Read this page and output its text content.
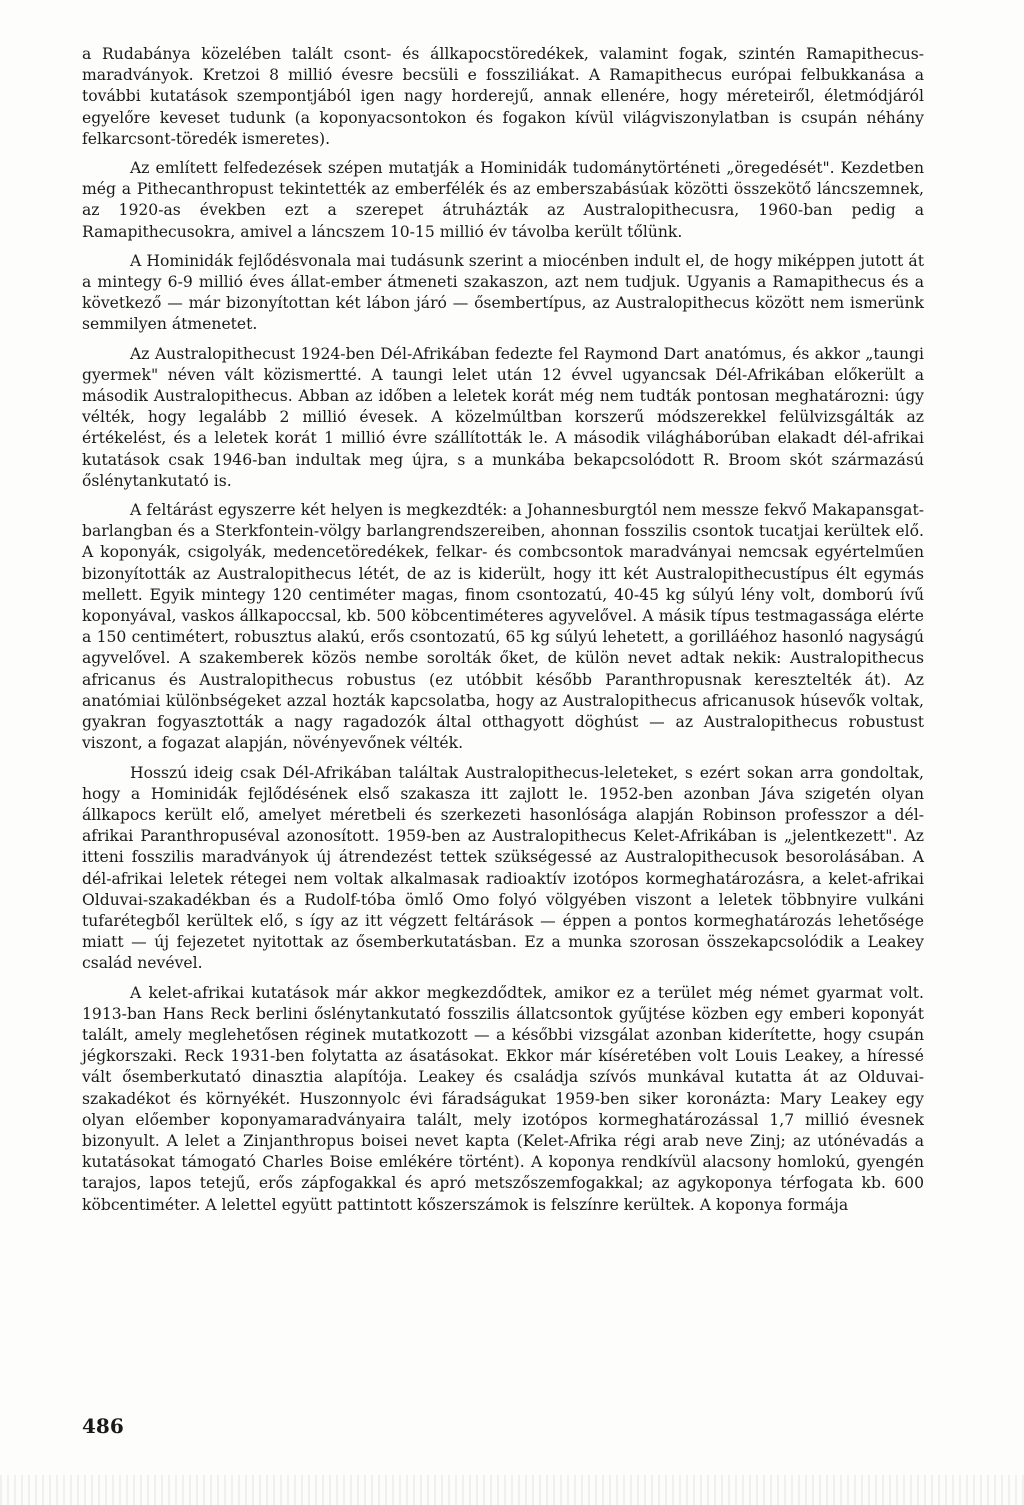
a Rudabánya közelében talált csont- és állkapocstöredékek, valamint fogak, szintén Ramapithecus-maradványok. Kretzoi 8 millió évesre becsüli e fossziliákat. A Ramapithecus európai felbukkanása a további kutatások szempontjából igen nagy horderejű, annak ellenére, hogy méreteiről, életmódjáról egyelőre keveset tudunk (a koponyacsontokon és fogakon kívül világviszonylatban is csupán néhány felkarcsont-töredék ismeretes).

Az említett felfedezések szépen mutatják a Hominidák tudománytörténeti „öregedését". Kezdetben még a Pithecanthropust tekintették az emberfélék és az emberszabásúak közötti összekötő láncszemnek, az 1920-as években ezt a szerepet átruházták az Australopithecusra, 1960-ban pedig a Ramapithecusokra, amivel a láncszem 10-15 millió év távolba került tőlünk.

A Hominidák fejlődésvonala mai tudásunk szerint a miocénben indult el, de hogy miképpen jutott át a mintegy 6-9 millió éves állat-ember átmeneti szakaszon, azt nem tudjuk. Ugyanis a Ramapithecus és a következő — már bizonyítottan két lábon járó — ősembertípus, az Australopithecus között nem ismerünk semmilyen átmenetet.

Az Australopithecust 1924-ben Dél-Afrikában fedezte fel Raymond Dart anatómus, és akkor „taungi gyermek" néven vált közismertté. A taungi lelet után 12 évvel ugyancsak Dél-Afrikában előkerült a második Australopithecus. Abban az időben a leletek korát még nem tudták pontosan meghatározni: úgy vélték, hogy legalább 2 millió évesek. A közelmúltban korszerű módszerekkel felülvizsgálták az értékelést, és a leletek korát 1 millió évre szállították le. A második világháborúban elakadt dél-afrikai kutatások csak 1946-ban indultak meg újra, s a munkába bekapcsolódott R. Broom skót származású őslénytankutató is.

A feltárást egyszerre két helyen is megkezdték: a Johannesburgtól nem messze fekvő Makapansgat-barlangban és a Sterkfontein-völgy barlangrendszereiben, ahonnan fosszilis csontok tucatjai kerültek elő. A koponyák, csigolyák, medencetöredékek, felkar- és combcsontok maradványai nemcsak egyértelműen bizonyították az Australopithecus létét, de az is kiderült, hogy itt két Australopithecustípus élt egymás mellett. Egyik mintegy 120 centiméter magas, finom csontozatú, 40-45 kg súlyú lény volt, domború ívű koponyával, vaskos állkapoccsal, kb. 500 köbcentiméteres agyvelővel. A másik típus testmagassága elérte a 150 centimétert, robusztus alakú, erős csontozatú, 65 kg súlyú lehetett, a gorilláéhoz hasonló nagyságú agyvelővel. A szakemberek közös nembe sorolták őket, de külön nevet adtak nekik: Australopithecus africanus és Australopithecus robustus (ez utóbbit később Paranthropusnak keresztelték át). Az anatómiai különbségeket azzal hozták kapcsolatba, hogy az Australopithecus africanusok húsevők voltak, gyakran fogyasztották a nagy ragadozók által otthagyott döghúst — az Australopithecus robustust viszont, a fogazat alapján, növényevőnek vélték.

Hosszú ideig csak Dél-Afrikában találtak Australopithecus-leleteket, s ezért sokan arra gondoltak, hogy a Hominidák fejlődésének első szakasza itt zajlott le. 1952-ben azonban Jáva szigetén olyan állkapocs került elő, amelyet méretbeli és szerkezeti hasonlósága alapján Robinson professzor a dél-afrikai Paranthropuséval azonosított. 1959-ben az Australopithecus Kelet-Afrikában is „jelentkezett". Az itteni fosszilis maradványok új átrendezést tettek szükségessé az Australopithecusok besorolásában. A dél-afrikai leletek rétegei nem voltak alkalmasak radioaktív izotópos kormeghatározásra, a kelet-afrikai Olduvai-szakadékban és a Rudolf-tóba ömlő Omo folyó völgyében viszont a leletek többnyire vulkáni tufarétegből kerültek elő, s így az itt végzett feltárások — éppen a pontos kormeghatározás lehetősége miatt — új fejezetet nyitottak az ősemberkutatásban. Ez a munka szorosan összekapcsolódik a Leakey család nevével.

A kelet-afrikai kutatások már akkor megkezdődtek, amikor ez a terület még német gyarmat volt. 1913-ban Hans Reck berlini őslénytankutató fosszilis állatcsontok gyűjtése közben egy emberi koponyát talált, amely meglehetősen réginek mutatkozott — a későbbi vizsgálat azonban kiderítette, hogy csupán jégkorszaki. Reck 1931-ben folytatta az ásatásokat. Ekkor már kíséretében volt Louis Leakey, a híressé vált ősemberkutató dinasztia alapítója. Leakey és családja szívós munkával kutatta át az Olduvai-szakadékot és környékét. Huszonnyolc évi fáradságukat 1959-ben siker koronázta: Mary Leakey egy olyan előember koponyamaradványaira talált, mely izotópos kormeghatározással 1,7 millió évesnek bizonyult. A lelet a Zinjanthropus boisei nevet kapta (Kelet-Afrika régi arab neve Zinj; az utónévadás a kutatásokat támogató Charles Boise emlékére történt). A koponya rendkívül alacsony homlokú, gyengén tarajos, lapos tetejű, erős zápfogakkal és apró metszőszemfogakkal; az agykoponya térfogata kb. 600 köbcentiméter. A lelettel együtt pattintott kőszerszámok is felszínre kerültek. A koponya formája

486
